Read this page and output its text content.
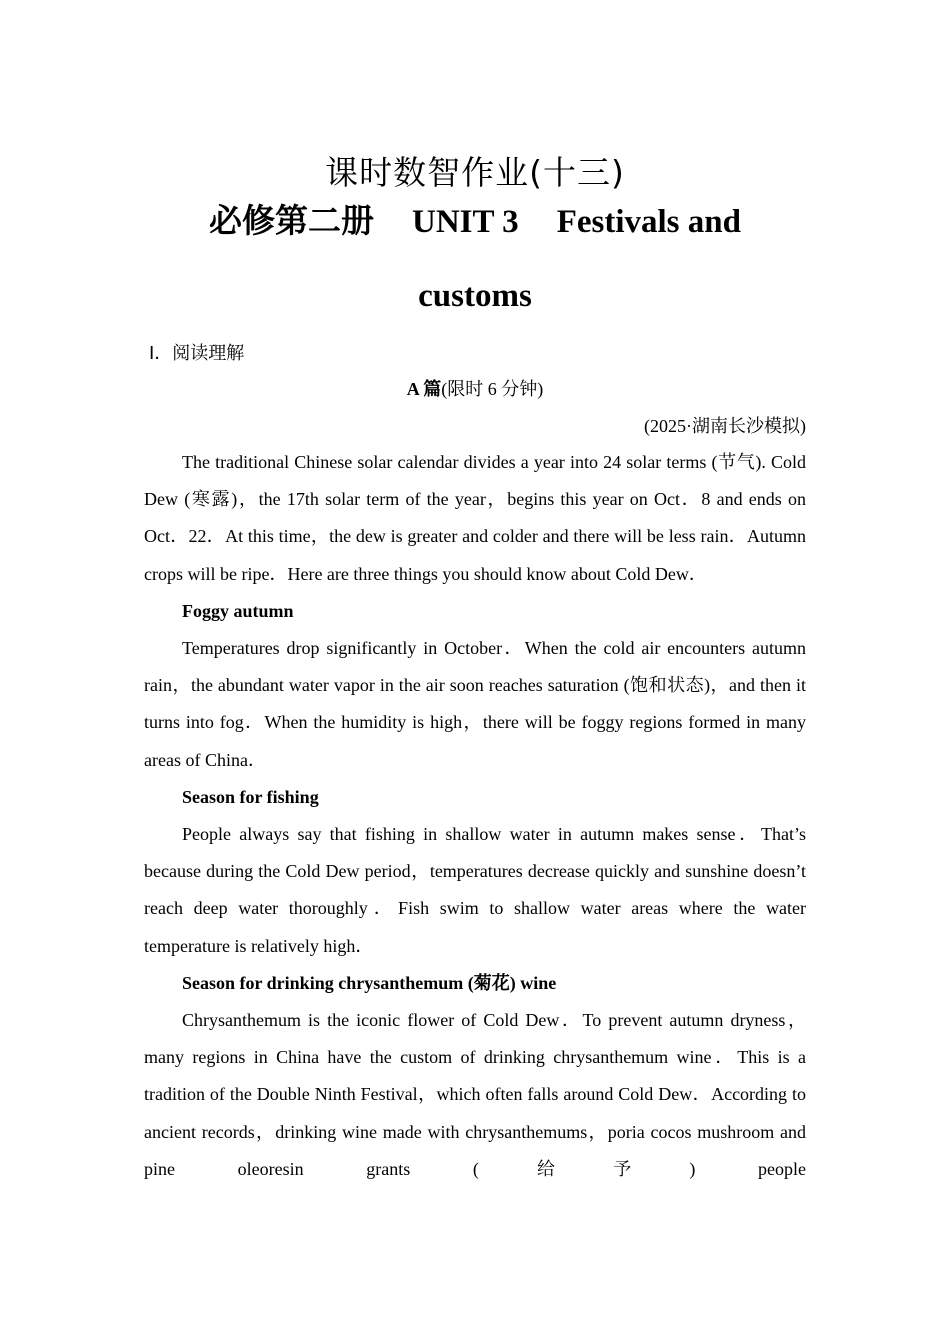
课时数智作业(十三)
必修第二册 UNIT 3 Festivals and
customs
Ⅰ．阅读理解
A 篇(限时 6 分钟)
(2025·湖南长沙模拟)

The traditional Chinese solar calendar divides a year into 24 solar terms (节气). Cold Dew (寒露)，the 17th solar term of the year，begins this year on Oct．8 and ends on Oct．22．At this time，the dew is greater and colder and there will be less rain．Autumn crops will be ripe．Here are three things you should know about Cold Dew．

Foggy autumn

Temperatures drop significantly in October．When the cold air encounters autumn rain，the abundant water vapor in the air soon reaches saturation (饱和状态)，and then it turns into fog．When the humidity is high，there will be foggy regions formed in many areas of China．

Season for fishing

People always say that fishing in shallow water in autumn makes sense．That’s because during the Cold Dew period，temperatures decrease quickly and sunshine doesn’t reach deep water thoroughly．Fish swim to shallow water areas where the water temperature is relatively high．

Season for drinking chrysanthemum (菊花) wine

Chrysanthemum is the iconic flower of Cold Dew．To prevent autumn dryness，many regions in China have the custom of drinking chrysanthemum wine．This is a tradition of the Double Ninth Festival，which often falls around Cold Dew．According to ancient records，drinking wine made with chrysanthemums，poria cocos mushroom and pine oleoresin grants (给予) people
